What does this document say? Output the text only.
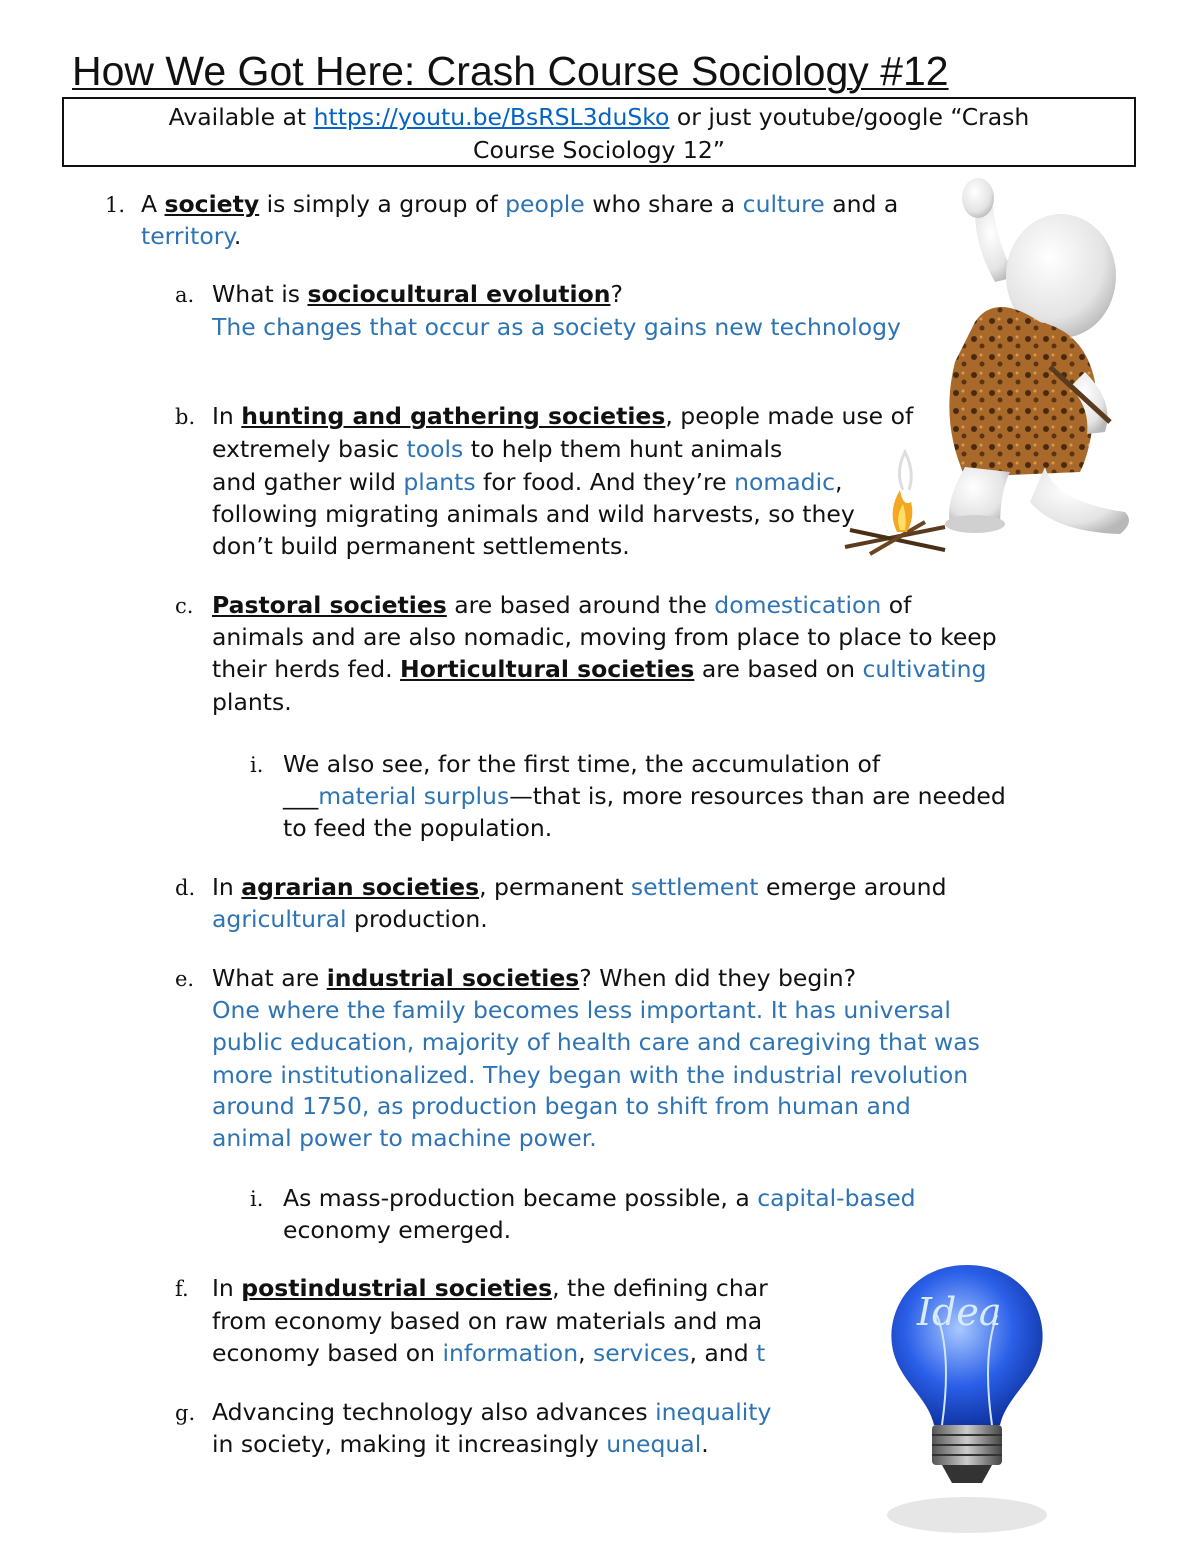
How We Got Here: Crash Course Sociology #12
Available at https://youtu.be/BsRSL3duSko or just youtube/google “Crash
Course Sociology 12”
Idea
1. A society is simply a group of people who share a culture and a
territory.
a. What is sociocultural evolution?
The changes that occur as a society gains new technology
b. In hunting and gathering societies, people made use of
extremely basic tools to help them hunt animals
and gather wild plants for food. And they’re nomadic,
following migrating animals and wild harvests, so they
don’t build permanent settlements.
c. Pastoral societies are based around the domestication of
animals and are also nomadic, moving from place to place to keep
their herds fed. Horticultural societies are based on cultivating
plants.
i. We also see, for the first time, the accumulation of
___material surplus—that is, more resources than are needed
to feed the population.
d. In agrarian societies, permanent settlement emerge around
agricultural production.
e. What are industrial societies? When did they begin?
One where the family becomes less important. It has universal
public education, majority of health care and caregiving that was
more institutionalized. They began with the industrial revolution
around 1750, as production began to shift from human and
animal power to machine power.
i. As mass-production became possible, a capital-based
economy emerged.
f. In postindustrial societies, the defining char
from economy based on raw materials and ma
economy based on information, services, and t
g. Advancing technology also advances inequality
in society, making it increasingly unequal.
